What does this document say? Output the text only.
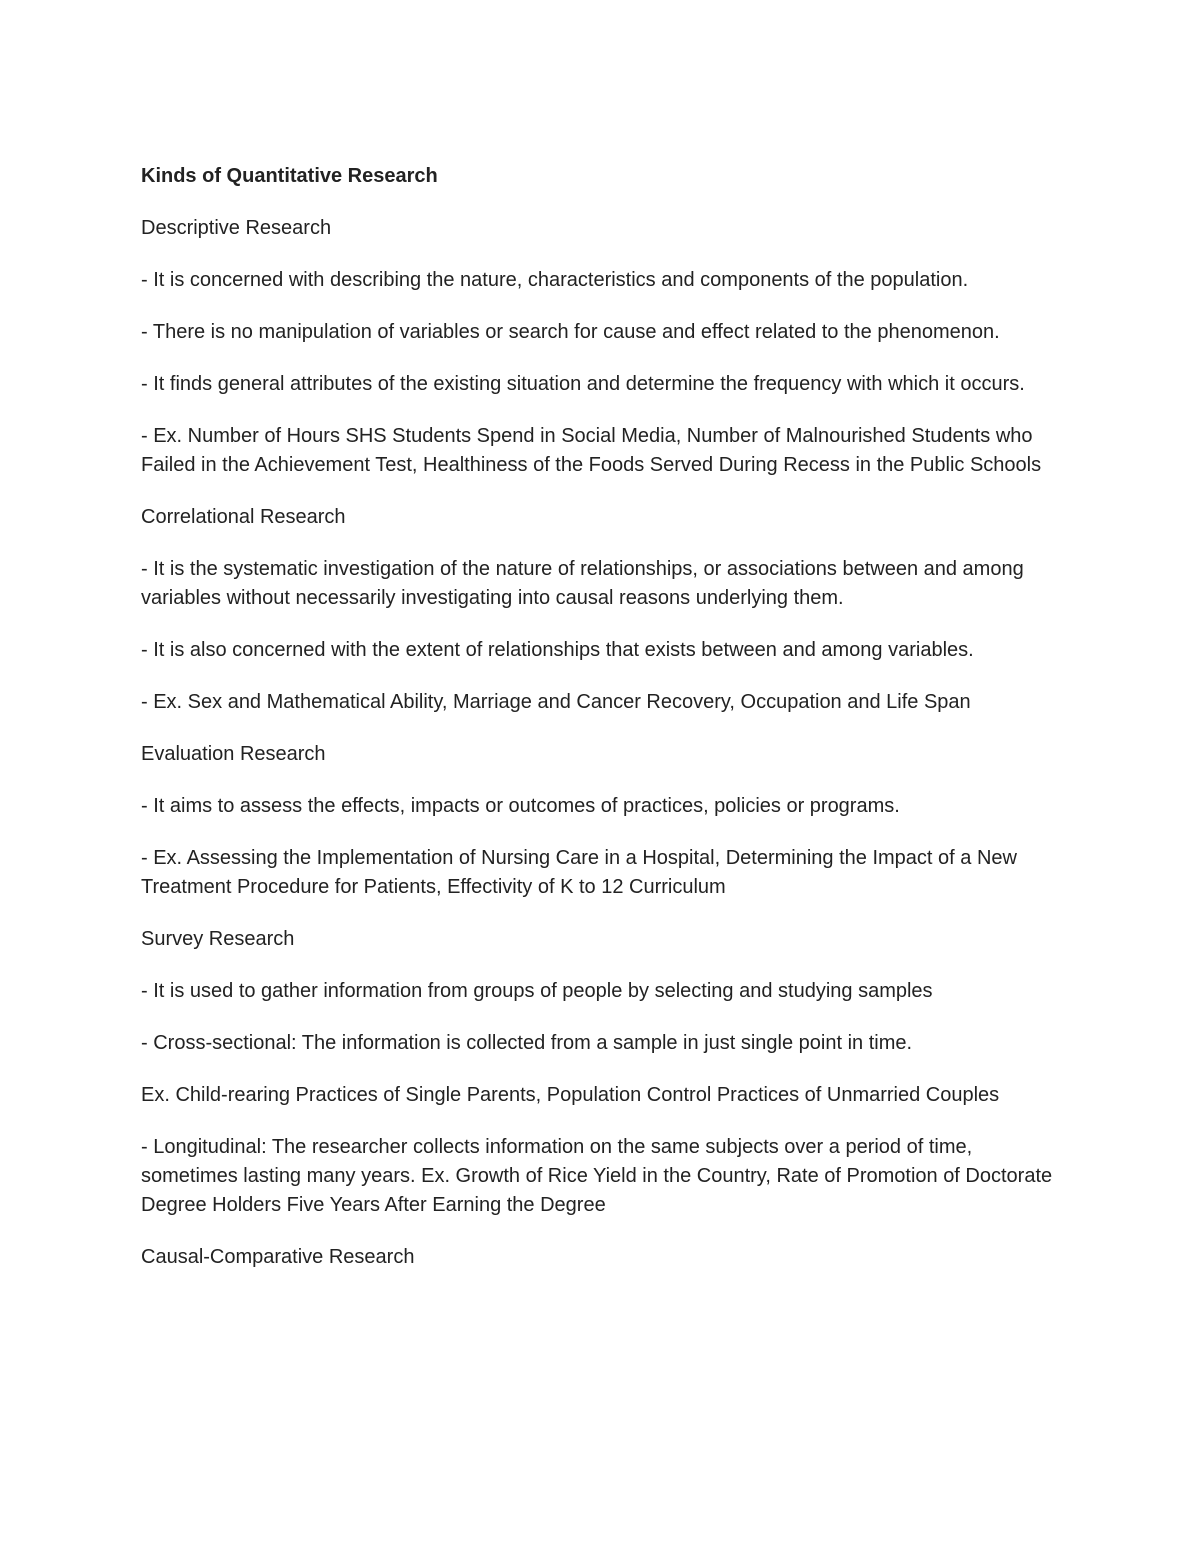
Kinds of Quantitative Research
Descriptive Research
- It is concerned with describing the nature, characteristics and components of the population.
- There is no manipulation of variables or search for cause and effect related to the phenomenon.
- It finds general attributes of the existing situation and determine the frequency with which it occurs.
- Ex. Number of Hours SHS Students Spend in Social Media, Number of Malnourished Students who Failed in the Achievement Test, Healthiness of the Foods Served During Recess in the Public Schools
Correlational Research
- It is the systematic investigation of the nature of relationships, or associations between and among variables without necessarily investigating into causal reasons underlying them.
- It is also concerned with the extent of relationships that exists between and among variables.
- Ex. Sex and Mathematical Ability, Marriage and Cancer Recovery, Occupation and Life Span
Evaluation Research
- It aims to assess the effects, impacts or outcomes of practices, policies or programs.
- Ex. Assessing the Implementation of Nursing Care in a Hospital, Determining the Impact of a New Treatment Procedure for Patients, Effectivity of K to 12 Curriculum
Survey Research
- It is used to gather information from groups of people by selecting and studying samples
- Cross-sectional: The information is collected from a sample in just single point in time.
Ex. Child-rearing Practices of Single Parents, Population Control Practices of Unmarried Couples
- Longitudinal: The researcher collects information on the same subjects over a period of time, sometimes lasting many years. Ex. Growth of Rice Yield in the Country, Rate of Promotion of Doctorate Degree Holders Five Years After Earning the Degree
Causal-Comparative Research
